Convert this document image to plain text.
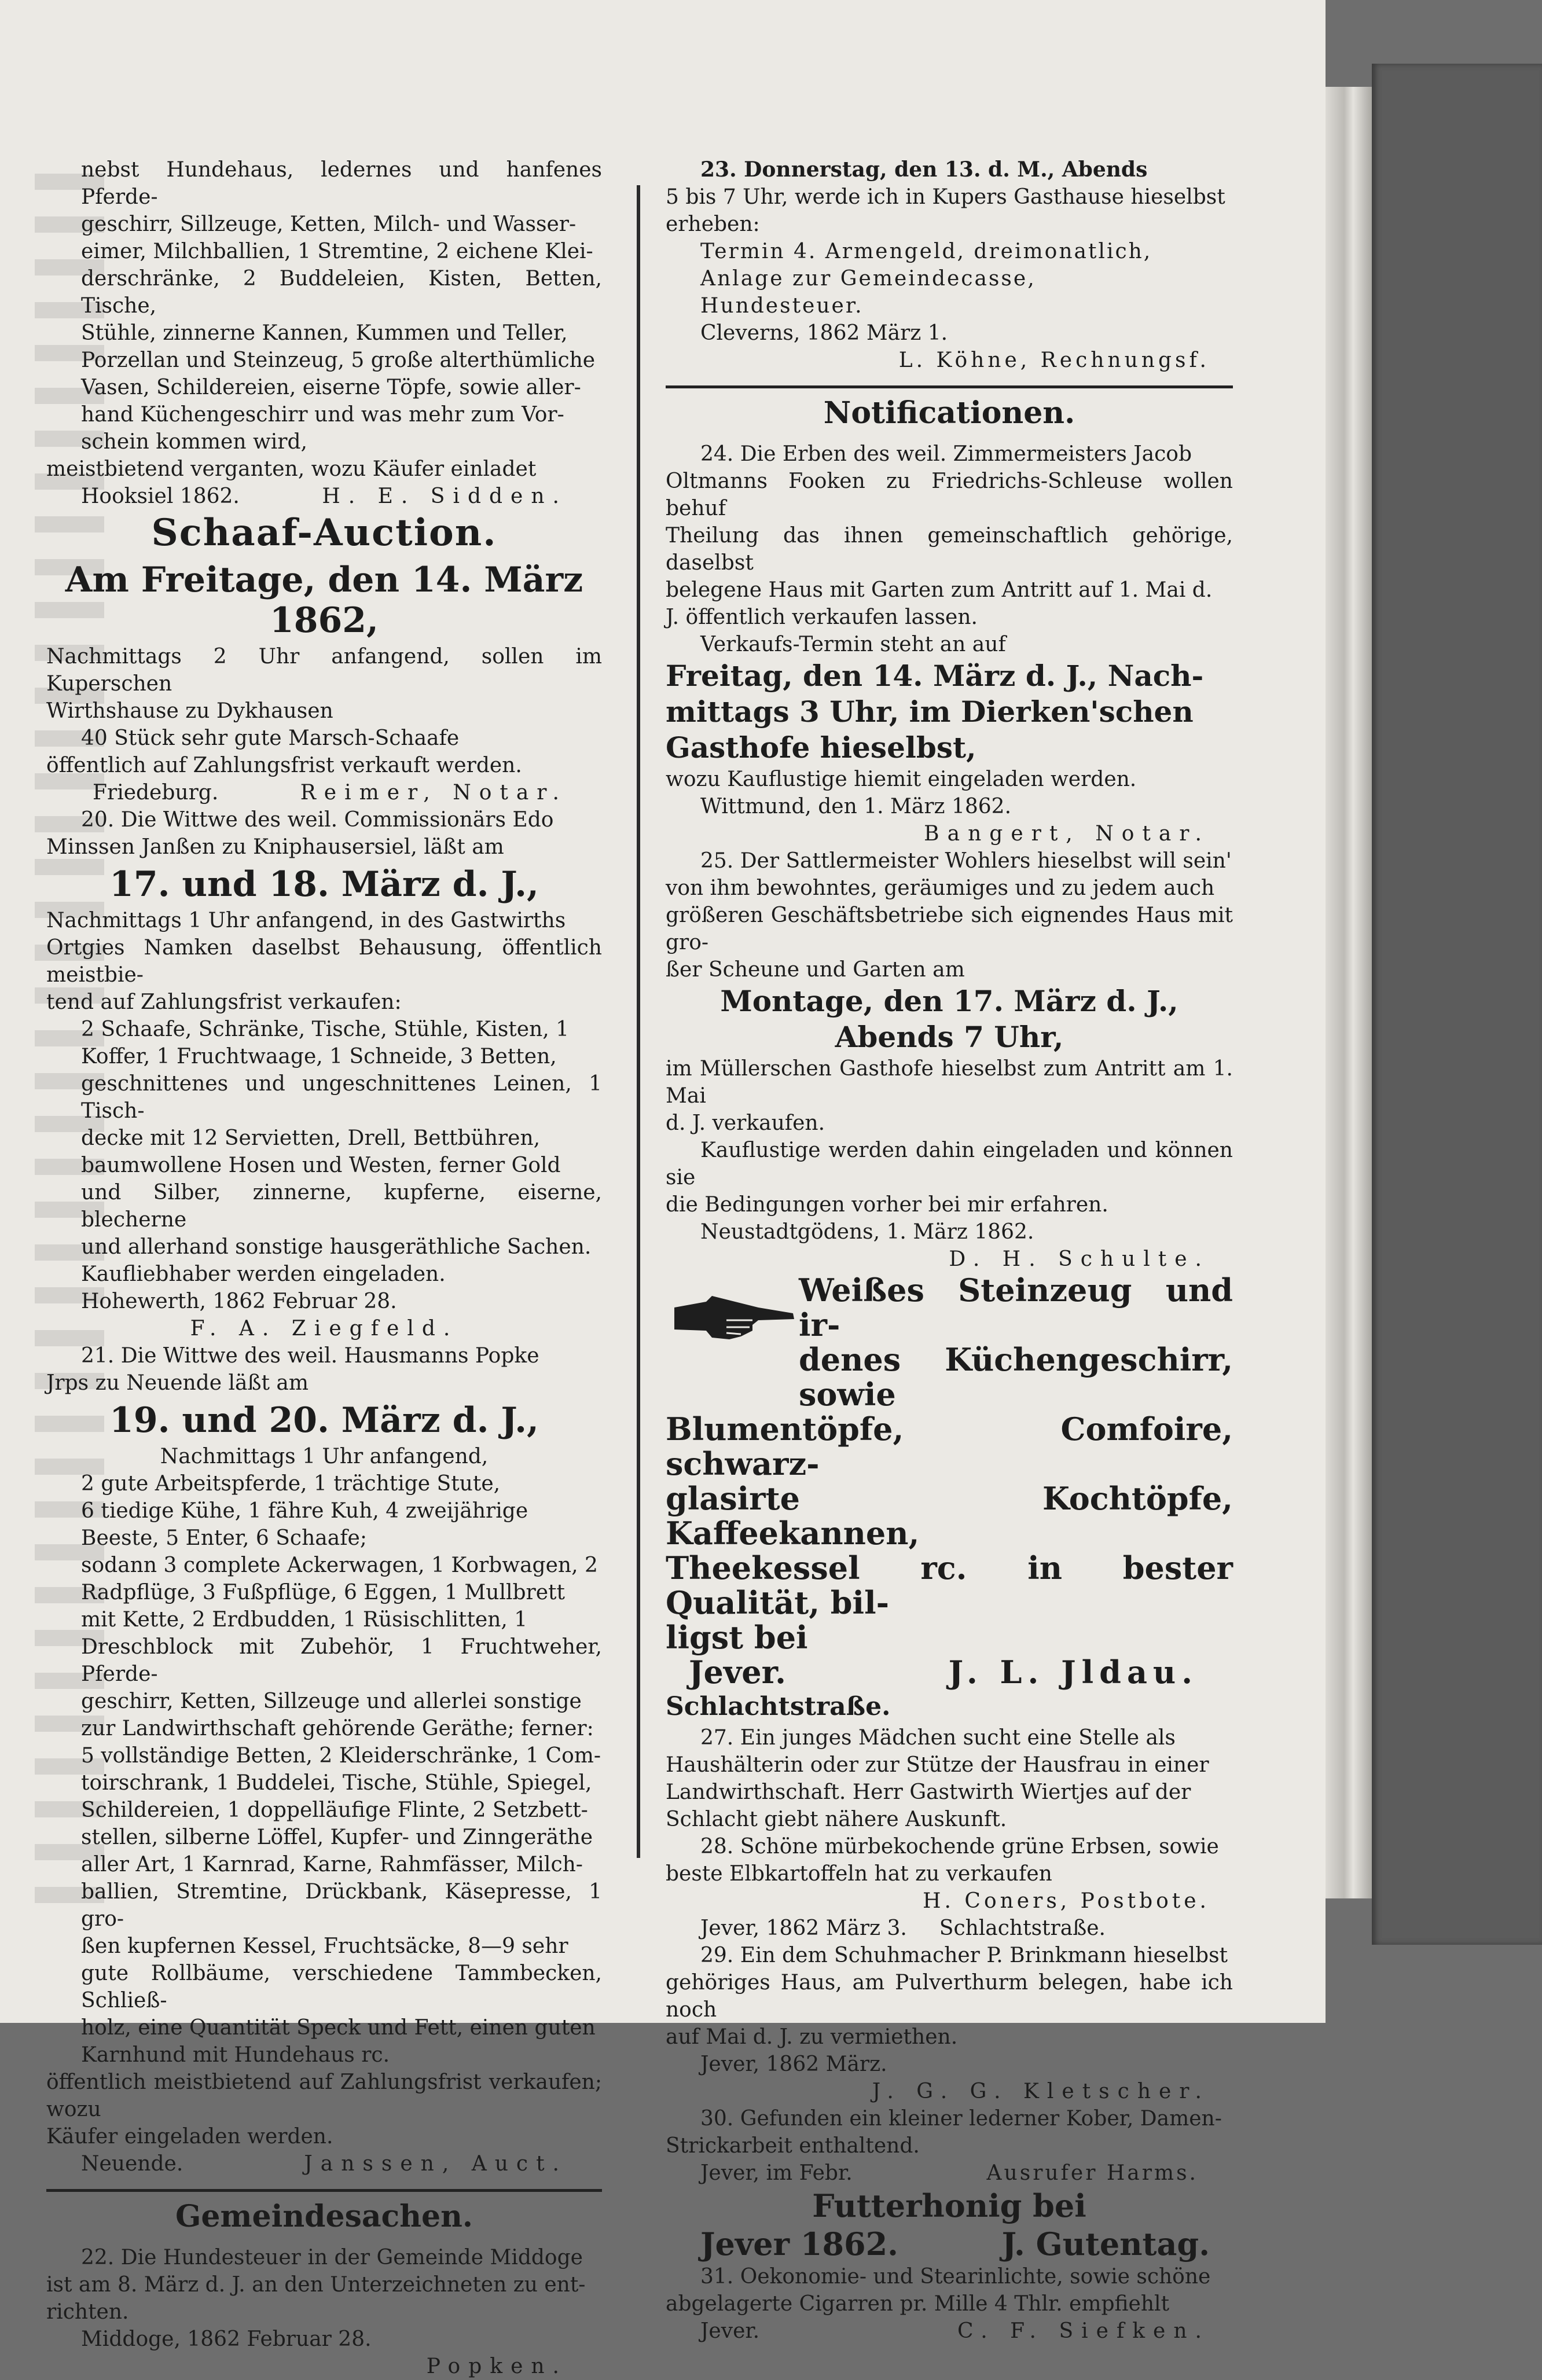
nebst Hundehaus, ledernes und hanfenes Pferde-

geschirr, Sillzeuge, Ketten, Milch- und Wasser-

eimer, Milchballien, 1 Stremtine, 2 eichene Klei-

derschränke, 2 Buddeleien, Kisten, Betten, Tische,

Stühle, zinnerne Kannen, Kummen und Teller,

Porzellan und Steinzeug, 5 große alterthümliche

Vasen, Schildereien, eiserne Töpfe, sowie aller-

hand Küchengeschirr und was mehr zum Vor-

schein kommen wird,

meistbietend verganten, wozu Käufer einladet

Hooksiel 1862.	H. E. Sidden.
Schaaf-Auction.
Am Freitage, den 14. März 1862,

Nachmittags 2 Uhr anfangend, sollen im Kuperschen

Wirthshause zu Dykhausen

40 Stück sehr gute Marsch-Schaafe

öffentlich auf Zahlungsfrist verkauft werden.

Friedeburg.	Reimer, Notar.

20. Die Wittwe des weil. Commissionärs Edo

Minssen Janßen zu Kniphausersiel, läßt am

17. und 18. März d. J.,

Nachmittags 1 Uhr anfangend, in des Gastwirths

Ortgies Namken daselbst Behausung, öffentlich meistbie-

tend auf Zahlungsfrist verkaufen:

2 Schaafe, Schränke, Tische, Stühle, Kisten, 1

Koffer, 1 Fruchtwaage, 1 Schneide, 3 Betten,

geschnittenes und ungeschnittenes Leinen, 1 Tisch-

decke mit 12 Servietten, Drell, Bettbühren,

baumwollene Hosen und Westen, ferner Gold

und Silber, zinnerne, kupferne, eiserne, blecherne

und allerhand sonstige hausgeräthliche Sachen.

Kaufliebhaber werden eingeladen.

Hohewerth, 1862 Februar 28.

F. A. Ziegfeld.

21. Die Wittwe des weil. Hausmanns Popke

Jrps zu Neuende läßt am

19. und 20. März d. J.,

Nachmittags 1 Uhr anfangend,

2 gute Arbeitspferde, 1 trächtige Stute,

6 tiedige Kühe, 1 fähre Kuh, 4 zweijährige

Beeste, 5 Enter, 6 Schaafe;

sodann 3 complete Ackerwagen, 1 Korbwagen, 2

Radpflüge, 3 Fußpflüge, 6 Eggen, 1 Mullbrett

mit Kette, 2 Erdbudden, 1 Rüsischlitten, 1

Dreschblock mit Zubehör, 1 Fruchtweher, Pferde-

geschirr, Ketten, Sillzeuge und allerlei sonstige

zur Landwirthschaft gehörende Geräthe; ferner:

5 vollständige Betten, 2 Kleiderschränke, 1 Com-

toirschrank, 1 Buddelei, Tische, Stühle, Spiegel,

Schildereien, 1 doppelläufige Flinte, 2 Setzbett-

stellen, silberne Löffel, Kupfer- und Zinngeräthe

aller Art, 1 Karnrad, Karne, Rahmfässer, Milch-

ballien, Stremtine, Drückbank, Käsepresse, 1 gro-

ßen kupfernen Kessel, Fruchtsäcke, 8—9 sehr

gute Rollbäume, verschiedene Tammbecken, Schließ-

holz, eine Quantität Speck und Fett, einen guten

Karnhund mit Hundehaus rc.

öffentlich meistbietend auf Zahlungsfrist verkaufen; wozu

Käufer eingeladen werden.

Neuende.	Janssen, Auct.
Gemeindesachen.

22. Die Hundesteuer in der Gemeinde Middoge

ist am 8. März d. J. an den Unterzeichneten zu ent-

richten.

Middoge, 1862 Februar 28.

Popken.

23. Donnerstag, den 13. d. M., Abends

5 bis 7 Uhr, werde ich in Kupers Gasthause hieselbst

erheben:

Termin 4. Armengeld, dreimonatlich,

Anlage zur Gemeindecasse,

Hundesteuer.

Cleverns, 1862 März 1.

L. Köhne, Rechnungsf.

Notificationen.

24. Die Erben des weil. Zimmermeisters Jacob

Oltmanns Fooken zu Friedrichs-Schleuse wollen behuf

Theilung das ihnen gemeinschaftlich gehörige, daselbst

belegene Haus mit Garten zum Antritt auf 1. Mai d.

J. öffentlich verkaufen lassen.

Verkaufs-Termin steht an auf

Freitag, den 14. März d. J., Nach-

mittags 3 Uhr, im Dierken'schen

Gasthofe hieselbst,

wozu Kauflustige hiemit eingeladen werden.

Wittmund, den 1. März 1862.

Bangert, Notar.

25. Der Sattlermeister Wohlers hieselbst will sein'

von ihm bewohntes, geräumiges und zu jedem auch

größeren Geschäftsbetriebe sich eignendes Haus mit gro-

ßer Scheune und Garten am

Montage, den 17. März d. J.,

Abends 7 Uhr,

im Müllerschen Gasthofe hieselbst zum Antritt am 1. Mai

d. J. verkaufen.

Kauflustige werden dahin eingeladen und können sie

die Bedingungen vorher bei mir erfahren.

Neustadtgödens, 1. März 1862.

D. H. Schulte.

Weißes Steinzeug und ir-
denes Küchengeschirr, sowie
Blumentöpfe, Comfoire, schwarz-
glasirte Kochtöpfe, Kaffeekannen,
Theekessel rc. in bester Qualität, bil-
ligst bei
Jever.	J. L. Jldau.
Schlachtstraße.

27. Ein junges Mädchen sucht eine Stelle als

Haushälterin oder zur Stütze der Hausfrau in einer

Landwirthschaft. Herr Gastwirth Wiertjes auf der

Schlacht giebt nähere Auskunft.

28. Schöne mürbekochende grüne Erbsen, sowie

beste Elbkartoffeln hat zu verkaufen

H. Coners, Postbote.

Jever, 1862 März 3. Schlachtstraße.

29. Ein dem Schuhmacher P. Brinkmann hieselbst

gehöriges Haus, am Pulverthurm belegen, habe ich noch

auf Mai d. J. zu vermiethen.

Jever, 1862 März.

J. G. G. Kletscher.

30. Gefunden ein kleiner lederner Kober, Damen-

Strickarbeit enthaltend.

Jever, im Febr.	Ausrufer Harms.
Futterhonig bei
Jever 1862.	J. Gutentag.

31. Oekonomie- und Stearinlichte, sowie schöne

abgelagerte Cigarren pr. Mille 4 Thlr. empfiehlt

Jever.	C. F. Siefken.
